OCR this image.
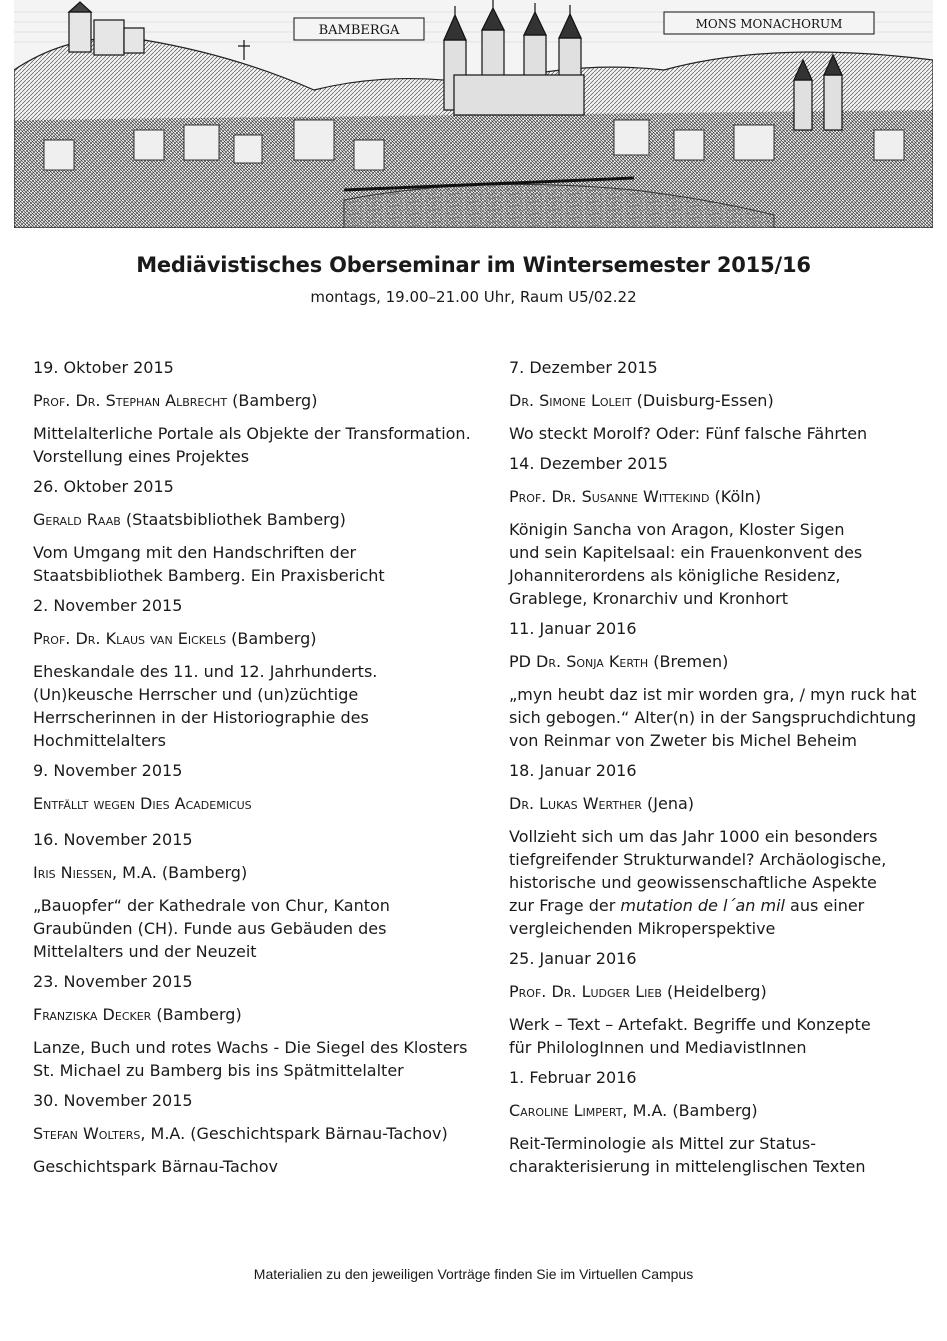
BAMBERGA	MONS MONACHORUM
Mediävistisches Oberseminar im Wintersemester 2015/16
montags, 19.00–21.00 Uhr, Raum U5/02.22
19. Oktober 2015
Prof. Dr. Stephan Albrecht (Bamberg)
Mittelalterliche Portale als Objekte der Transformation.
Vorstellung eines Projektes
26. Oktober 2015
Gerald Raab (Staatsbibliothek Bamberg)
Vom Umgang mit den Handschriften der
Staatsbibliothek Bamberg. Ein Praxisbericht
2. November 2015
Prof. Dr. Klaus van Eickels (Bamberg)
Eheskandale des 11. und 12. Jahrhunderts.
(Un)keusche Herrscher und (un)züchtige
Herrscherinnen in der Historiographie des
Hochmittelalters
9. November 2015
Entfällt wegen Dies Academicus
16. November 2015
Iris Nießen, M.A. (Bamberg)
„Bauopfer“ der Kathedrale von Chur, Kanton
Graubünden (CH). Funde aus Gebäuden des
Mittelalters und der Neuzeit
23. November 2015
Franziska Decker (Bamberg)
Lanze, Buch und rotes Wachs - Die Siegel des Klosters
St. Michael zu Bamberg bis ins Spätmittelalter
30. November 2015
Stefan Wolters, M.A. (Geschichtspark Bärnau-Tachov)
Geschichtspark Bärnau-Tachov
7. Dezember 2015
Dr. Simone Loleit (Duisburg-Essen)
Wo steckt Morolf? Oder: Fünf falsche Fährten
14. Dezember 2015
Prof. Dr. Susanne Wittekind (Köln)
Königin Sancha von Aragon, Kloster Sigen
und sein Kapitelsaal: ein Frauenkonvent des
Johanniterordens als königliche Residenz,
Grablege, Kronarchiv und Kronhort
11. Januar 2016
PD Dr. Sonja Kerth (Bremen)
„myn heubt daz ist mir worden gra, / myn ruck hat
sich gebogen.“ Alter(n) in der Sangspruchdichtung
von Reinmar von Zweter bis Michel Beheim
18. Januar 2016
Dr. Lukas Werther (Jena)
Vollzieht sich um das Jahr 1000 ein besonders
tiefgreifender Strukturwandel? Archäologische,
historische und geowissenschaftliche Aspekte
zur Frage der mutation de l´an mil aus einer
vergleichenden Mikroperspektive
25. Januar 2016
Prof. Dr. Ludger Lieb (Heidelberg)
Werk – Text – Artefakt. Begriffe und Konzepte
für PhilologInnen und MediavistInnen
1. Februar 2016
Caroline Limpert, M.A. (Bamberg)
Reit-Terminologie als Mittel zur Status-
charakterisierung in mittelenglischen Texten
Materialien zu den jeweiligen Vorträge finden Sie im Virtuellen Campus
